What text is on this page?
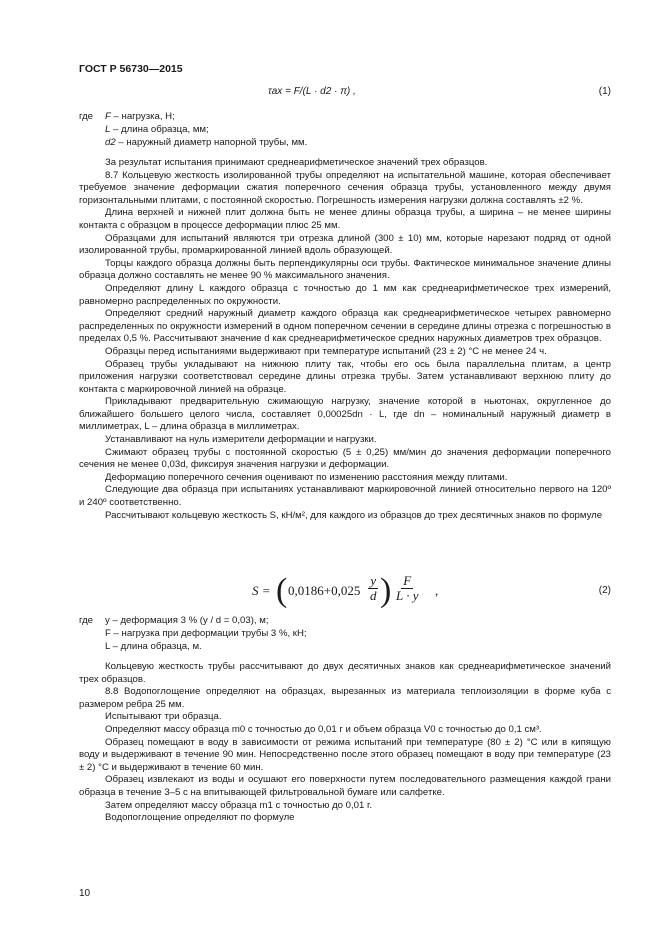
ГОСТ Р 56730—2015
τax = F/(L · d2 · π) ,	(1)
где F – нагрузка, Н;
L – длина образца, мм;
d2 – наружный диаметр напорной трубы, мм.

За результат испытания принимают среднеарифметическое значений трех образцов.

8.7 Кольцевую жесткость изолированной трубы определяют на испытательной машине, которая обеспечивает требуемое значение деформации сжатия поперечного сечения образца трубы, установленного между двумя горизонтальными плитами, с постоянной скоростью. Погрешность измерения нагрузки должна составлять ±2 %.

Длина верхней и нижней плит должна быть не менее длины образца трубы, а ширина – не менее ширины контакта с образцом в процессе деформации плюс 25 мм.

Образцами для испытаний являются три отрезка длиной (300 ± 10) мм, которые нарезают подряд от одной изолированной трубы, промаркированной линией вдоль образующей.

Торцы каждого образца должны быть перпендикулярны оси трубы. Фактическое минимальное значение длины образца должно составлять не менее 90 % максимального значения.

Определяют длину L каждого образца с точностью до 1 мм как среднеарифметическое трех измерений, равномерно распределенных по окружности.

Определяют средний наружный диаметр каждого образца как среднеарифметическое четырех равномерно распределенных по окружности измерений в одном поперечном сечении в середине длины отрезка с погрешностью в пределах 0,5 %. Рассчитывают значение d как среднеарифметическое средних наружных диаметров трех образцов.

Образцы перед испытаниями выдерживают при температуре испытаний (23 ± 2) °С не менее 24 ч.

Образец трубы укладывают на нижнюю плиту так, чтобы его ось была параллельна плитам, а центр приложения нагрузки соответствовал середине длины отрезка трубы. Затем устанавливают верхнюю плиту до контакта с маркировочной линией на образце.

Прикладывают предварительную сжимающую нагрузку, значение которой в ньютонах, округленное до ближайшего большего целого числа, составляет 0,00025dn · L, где dn – номинальный наружный диаметр в миллиметрах, L – длина образца в миллиметрах.

Устанавливают на нуль измерители деформации и нагрузки.

Сжимают образец трубы с постоянной скоростью (5 ± 0,25) мм/мин до значения деформации поперечного сечения не менее 0,03d, фиксируя значения нагрузки и деформации.

Деформацию поперечного сечения оценивают по изменению расстояния между плитами.

Следующие два образца при испытаниях устанавливают маркировочной линией относительно первого на 120º и 240º соответственно.

Рассчитывают кольцевую жесткость S, кН/м², для каждого из образцов до трех десятичных знаков по формуле

S = ( $0,0186+0,025 \frac{y}{d}$ ) $\frac{F}{L \cdot y}$ ,	(2)
где y – деформация 3 % (y / d = 0,03), м;
F – нагрузка при деформации трубы 3 %, кН;
L – длина образца, м.

Кольцевую жесткость трубы рассчитывают до двух десятичных знаков как среднеарифметическое значений трех образцов.

8.8 Водопоглощение определяют на образцах, вырезанных из материала теплоизоляции в форме куба с размером ребра 25 мм.

Испытывают три образца.

Определяют массу образца m0 с точностью до 0,01 г и объем образца V0 с точностью до 0,1 см³.

Образец помещают в воду в зависимости от режима испытаний при температуре (80 ± 2) °С или в кипящую воду и выдерживают в течение 90 мин. Непосредственно после этого образец помещают в воду при температуре (23 ± 2) °С и выдерживают в течение 60 мин.

Образец извлекают из воды и осушают его поверхности путем последовательного размещения каждой грани образца в течение 3–5 с на впитывающей фильтровальной бумаге или салфетке.

Затем определяют массу образца m1 с точностью до 0,01 г.

Водопоглощение определяют по формуле

10
